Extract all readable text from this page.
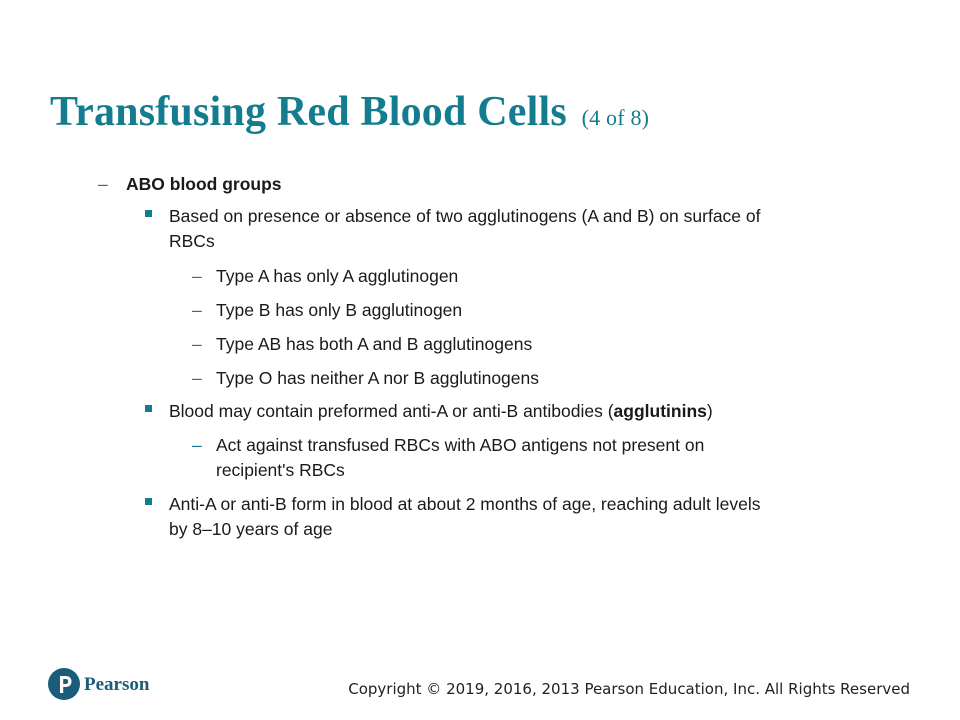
Transfusing Red Blood Cells (4 of 8)
– ABO blood groups
Based on presence or absence of two agglutinogens (A and B) on surface of
RBCs
– Type A has only A agglutinogen
– Type B has only B agglutinogen
– Type AB has both A and B agglutinogens
– Type O has neither A nor B agglutinogens
Blood may contain preformed anti-A or anti-B antibodies (agglutinins)
– Act against transfused RBCs with ABO antigens not present on
recipient's RBCs
Anti-A or anti-B form in blood at about 2 months of age, reaching adult levels
by 8–10 years of age
Pearson	Copyright © 2019, 2016, 2013 Pearson Education, Inc. All Rights Reserved
